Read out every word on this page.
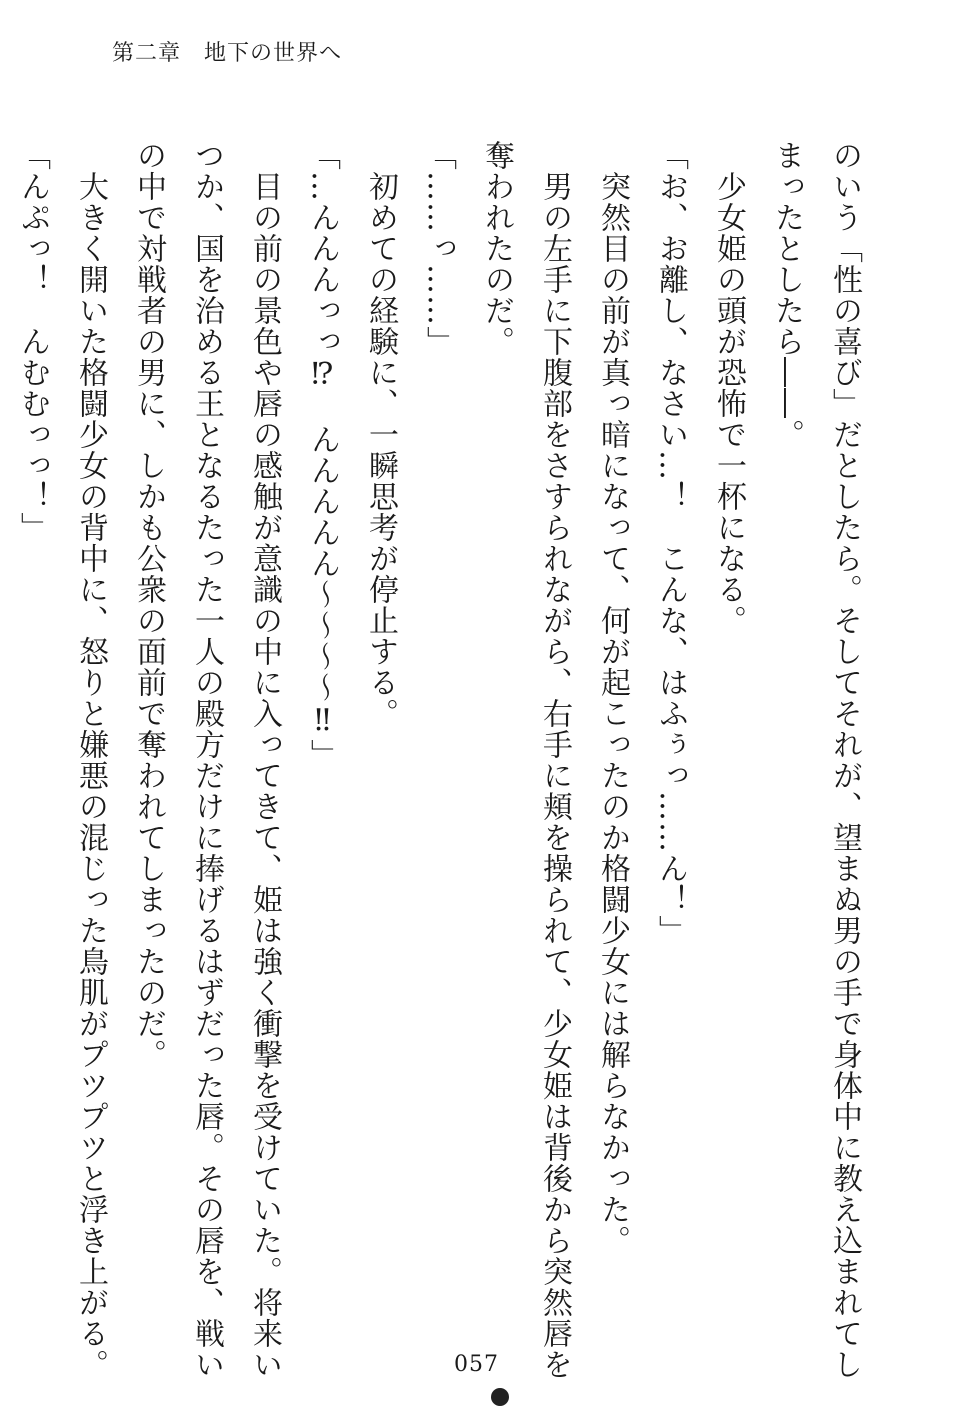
第二章　地下の世界へ
のいう「性の喜び」だとしたら。そしてそれが、望まぬ男の手で身体中に教え込まれてし
まったとしたら――。
　少女姫の頭が恐怖で一杯になる。
「お、お離し、なさい…！　こんな、はふぅっ……ん！」
　突然目の前が真っ暗になって、何が起こったのか格闘少女には解らなかった。
　男の左手に下腹部をさすられながら、右手に頬を操られて、少女姫は背後から突然唇を
奪われたのだ。
「……っ……」
　初めての経験に、一瞬思考が停止する。
「…んんんっっ⁉　んんんんん〜〜〜〜‼」
　目の前の景色や唇の感触が意識の中に入ってきて、姫は強く衝撃を受けていた。将来い
つか、国を治める王となるたった一人の殿方だけに捧げるはずだった唇。その唇を、戦い
の中で対戦者の男に、しかも公衆の面前で奪われてしまったのだ。
　大きく開いた格闘少女の背中に、怒りと嫌悪の混じった鳥肌がプツプツと浮き上がる。
「んぷっ！　んむむっっ！」
057
